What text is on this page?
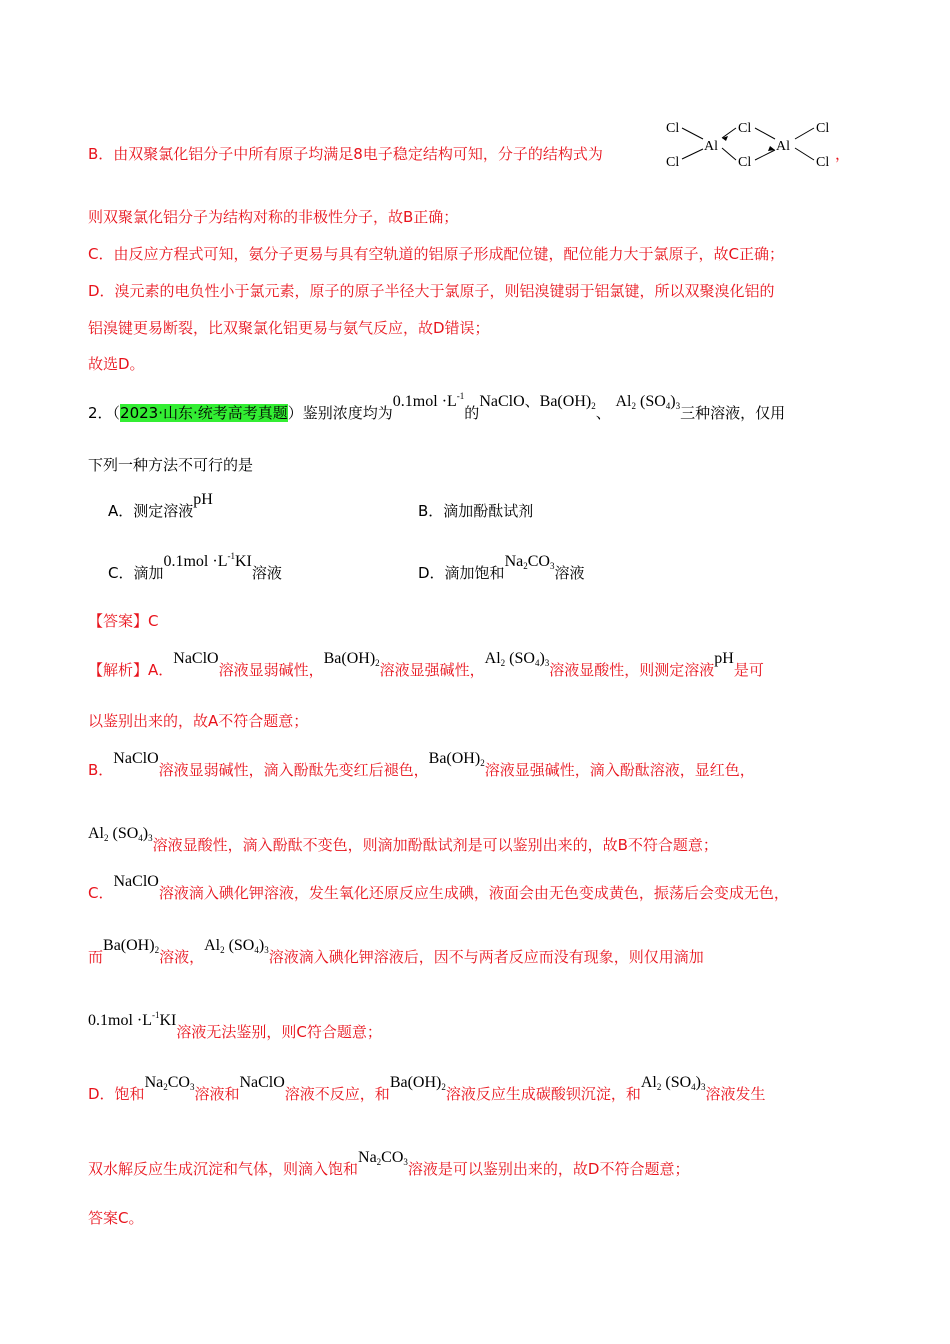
B．由双聚氯化铝分子中所有原子均满足8电子稳定结构可知，分子的结构式为
Cl
Cl
Al
Cl
Cl
Al
Cl
Cl ，
则双聚氯化铝分子为结构对称的非极性分子，故B正确；
C．由反应方程式可知，氨分子更易与具有空轨道的铝原子形成配位键，配位能力大于氯原子，故C正确；
D．溴元素的电负性小于氯元素，原子的原子半径大于氯原子，则铝溴键弱于铝氯键，所以双聚溴化铝的
铝溴键更易断裂，比双聚氯化铝更易与氨气反应，故D错误；
故选D。
2．（2023·山东·统考高考真题）鉴别浓度均为$0.1mol \cdot L^{-1}$的NaClO、$Ba(OH)_2$、 $Al_2$ $(SO_4)_3$三种溶液，仅用
下列一种方法不可行的是
A．测定溶液pH
B．滴加酚酞试剂
C．滴加$0.1mol \cdot L^{-1}KI$溶液	D．滴加饱和$Na_2CO_3$溶液
【答案】C
【解析】A．NaClO溶液显弱碱性，$Ba(OH)_2$溶液显强碱性，$Al_2$ $(SO_4)_3$溶液显酸性，则测定溶液pH是可
以鉴别出来的，故A不符合题意；
B．NaClO溶液显弱碱性，滴入酚酞先变红后褪色，$Ba(OH)_2$溶液显强碱性，滴入酚酞溶液，显红色，
$Al_2$ $(SO_4)_3$溶液显酸性，滴入酚酞不变色，则滴加酚酞试剂是可以鉴别出来的，故B不符合题意；
C．NaClO溶液滴入碘化钾溶液，发生氧化还原反应生成碘，液面会由无色变成黄色，振荡后会变成无色，
而$Ba(OH)_2$溶液，$Al_2$ $(SO_4)_3$溶液滴入碘化钾溶液后，因不与两者反应而没有现象，则仅用滴加
$0.1mol \cdot L^{-1}KI$溶液无法鉴别，则C符合题意；
D．饱和$Na_2CO_3$溶液和NaClO溶液不反应，和$Ba(OH)_2$溶液反应生成碳酸钡沉淀，和$Al_2$ $(SO_4)_3$溶液发生
双水解反应生成沉淀和气体，则滴入饱和$Na_2CO_3$溶液是可以鉴别出来的，故D不符合题意；
答案C。
